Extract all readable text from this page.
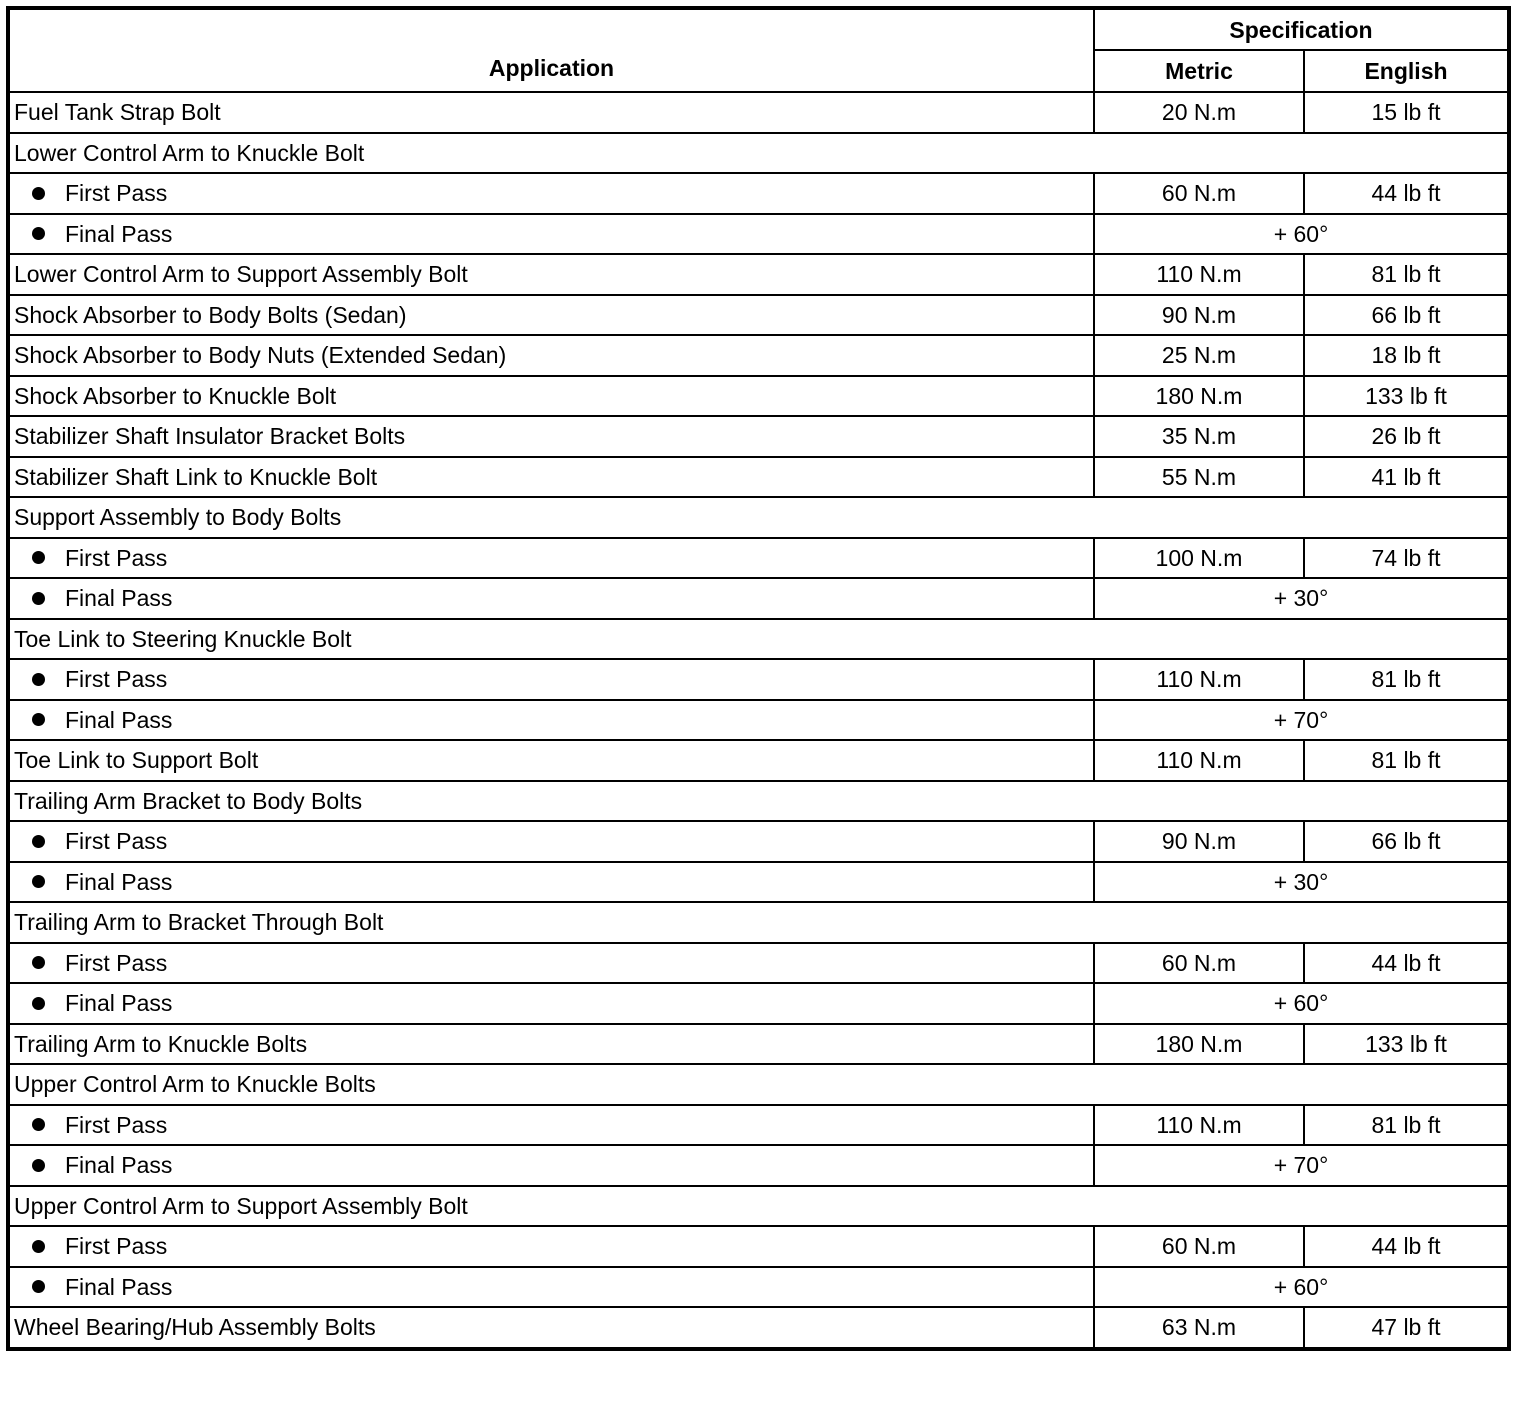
Application	Specification	
	Metric	English
Fuel Tank Strap Bolt	20 N.m	15 lb ft
Lower Control Arm to Knuckle Bolt		
First Pass	60 N.m	44 lb ft
Final Pass	+ 60°	
Lower Control Arm to Support Assembly Bolt	110 N.m	81 lb ft
Shock Absorber to Body Bolts (Sedan)	90 N.m	66 lb ft
Shock Absorber to Body Nuts (Extended Sedan)	25 N.m	18 lb ft
Shock Absorber to Knuckle Bolt	180 N.m	133 lb ft
Stabilizer Shaft Insulator Bracket Bolts	35 N.m	26 lb ft
Stabilizer Shaft Link to Knuckle Bolt	55 N.m	41 lb ft
Support Assembly to Body Bolts		
First Pass	100 N.m	74 lb ft
Final Pass	+ 30°	
Toe Link to Steering Knuckle Bolt		
First Pass	110 N.m	81 lb ft
Final Pass	+ 70°	
Toe Link to Support Bolt	110 N.m	81 lb ft
Trailing Arm Bracket to Body Bolts		
First Pass	90 N.m	66 lb ft
Final Pass	+ 30°	
Trailing Arm to Bracket Through Bolt		
First Pass	60 N.m	44 lb ft
Final Pass	+ 60°	
Trailing Arm to Knuckle Bolts	180 N.m	133 lb ft
Upper Control Arm to Knuckle Bolts		
First Pass	110 N.m	81 lb ft
Final Pass	+ 70°	
Upper Control Arm to Support Assembly Bolt		
First Pass	60 N.m	44 lb ft
Final Pass	+ 60°	
Wheel Bearing/Hub Assembly Bolts	63 N.m	47 lb ft
